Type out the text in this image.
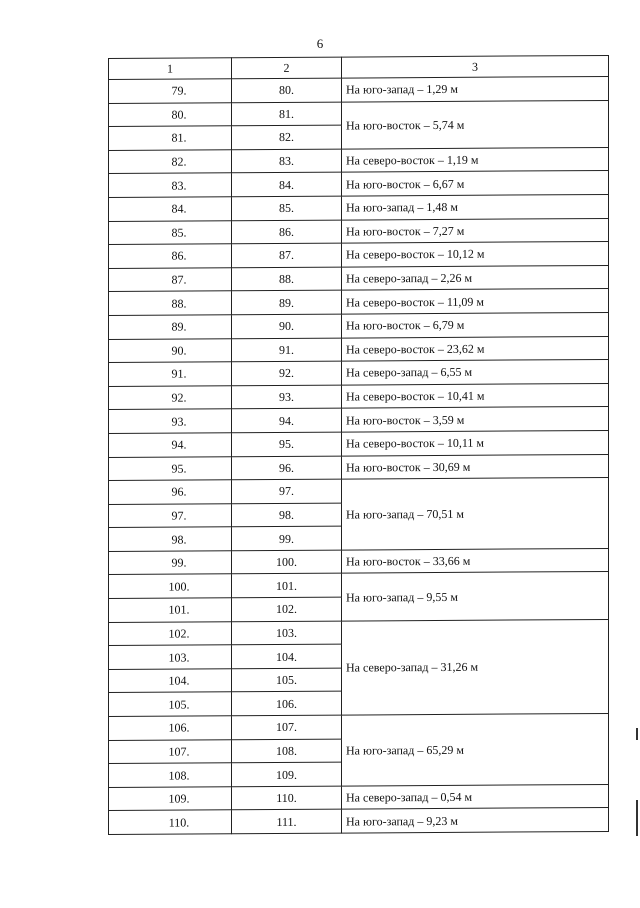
6
1	2	3
79.	80.	На юго-запад – 1,29 м
80.	81.	На юго-восток – 5,74 м
81.	82.	
82.	83.	На северо-восток – 1,19 м
83.	84.	На юго-восток – 6,67 м
84.	85.	На юго-запад – 1,48 м
85.	86.	На юго-восток – 7,27 м
86.	87.	На северо-восток – 10,12 м
87.	88.	На северо-запад – 2,26 м
88.	89.	На северо-восток – 11,09 м
89.	90.	На юго-восток – 6,79 м
90.	91.	На северо-восток – 23,62 м
91.	92.	На северо-запад – 6,55 м
92.	93.	На северо-восток – 10,41 м
93.	94.	На юго-восток – 3,59 м
94.	95.	На северо-восток – 10,11 м
95.	96.	На юго-восток – 30,69 м
96.	97.	На юго-запад – 70,51 м
97.	98.	
98.	99.	
99.	100.	На юго-восток – 33,66 м
100.	101.	На юго-запад – 9,55 м
101.	102.	
102.	103.	На северо-запад – 31,26 м
103.	104.	
104.	105.	
105.	106.	
106.	107.	На юго-запад – 65,29 м
107.	108.	
108.	109.	
109.	110.	На северо-запад – 0,54 м
110.	111.	На юго-запад – 9,23 м
